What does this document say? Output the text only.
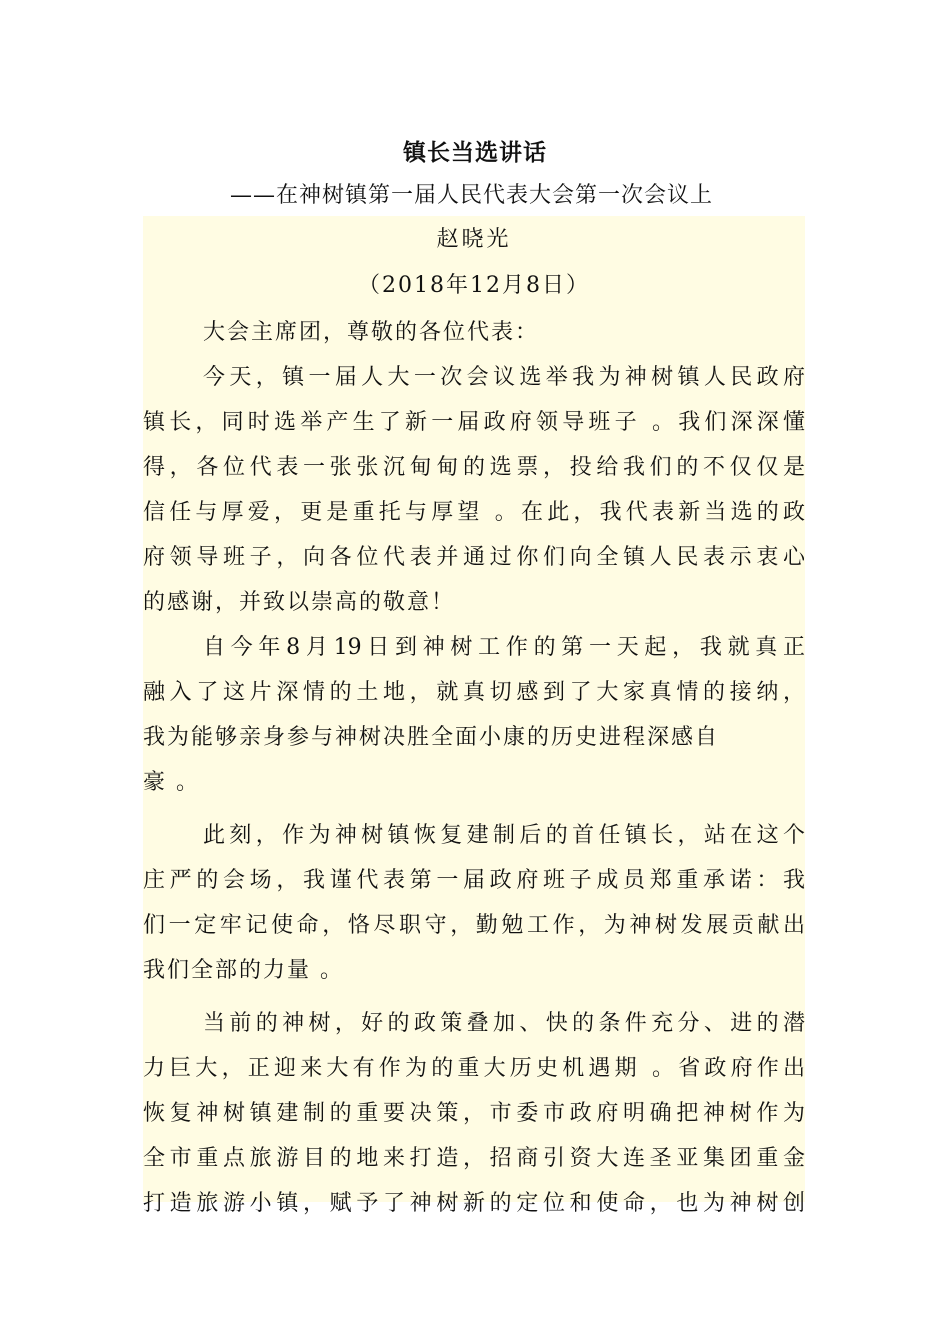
镇长当选讲话
——在神树镇第一届人民代表大会第一次会议上
赵晓光
（2018年12月8日）
大会主席团，尊敬的各位代表：
今天，镇一届人大一次会议选举我为神树镇人民政府
镇长，同时选举产生了新一届政府领导班子 。我们深深懂
得，各位代表一张张沉甸甸的选票，投给我们的不仅仅是
信任与厚爱，更是重托与厚望 。在此，我代表新当选的政
府领导班子，向各位代表并通过你们向全镇人民表示衷心
的感谢，并致以崇高的敬意！
自今年8月19日到神树工作的第一天起，我就真正
融入了这片深情的土地，就真切感到了大家真情的接纳，
我为能够亲身参与神树决胜全面小康的历史进程深感自
豪 。
此刻，作为神树镇恢复建制后的首任镇长，站在这个
庄严的会场，我谨代表第一届政府班子成员郑重承诺：我
们一定牢记使命，恪尽职守，勤勉工作，为神树发展贡献出
我们全部的力量 。
当前的神树，好的政策叠加、快的条件充分、进的潜
力巨大，正迎来大有作为的重大历史机遇期 。省政府作出
恢复神树镇建制的重要决策，市委市政府明确把神树作为
全市重点旅游目的地来打造，招商引资大连圣亚集团重金
打造旅游小镇，赋予了神树新的定位和使命，也为神树创
